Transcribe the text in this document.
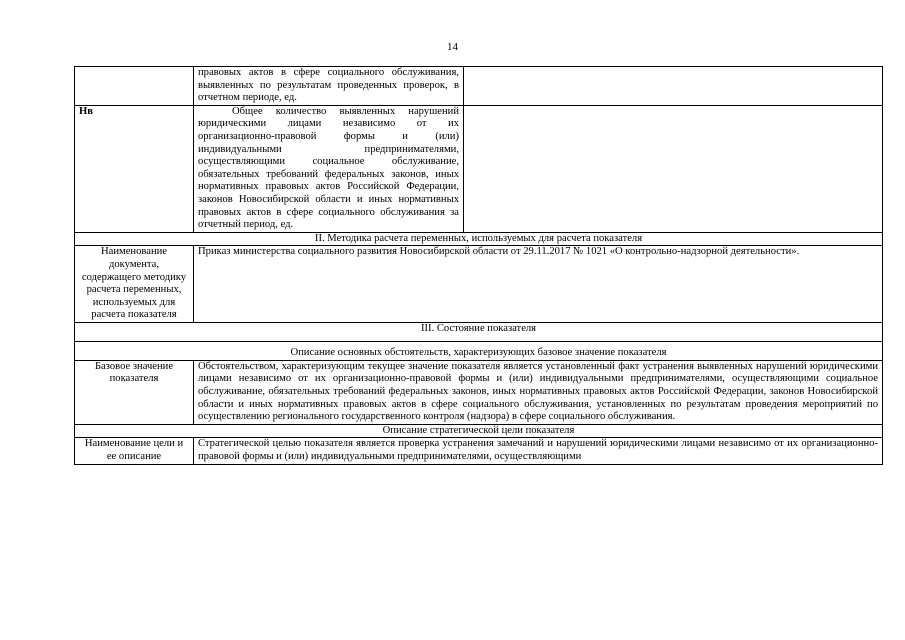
14
	правовых актов в сфере социального обслуживания, выявленных по результатам проведенных проверок, в отчетном периоде, ед.	
Нв	Общее количество выявленных нарушений юридическими лицами независимо от их организационно-правовой формы и (или) индивидуальными предпринимателями, осуществляющими социальное обслуживание, обязательных требований федеральных законов, иных нормативных правовых актов Российской Федерации, законов Новосибирской области и иных нормативных правовых актов в сфере социального обслуживания за отчетный период, ед.	
II. Методика расчета переменных, используемых для расчета показателя		
Наименование документа, содержащего методику расчета переменных, используемых для расчета показателя	Приказ министерства социального развития Новосибирской области от 29.11.2017 № 1021 «О контрольно-надзорной деятельности».	
III. Состояние показателя		
Описание основных обстоятельств, характеризующих базовое значение показателя		
Базовое значение показателя	Обстоятельством, характеризующим текущее значение показателя является установленный факт устранения выявленных нарушений юридическими лицами независимо от их организационно-правовой формы и (или) индивидуальными предпринимателями, осуществляющими социальное обслуживание, обязательных требований федеральных законов, иных нормативных правовых актов Российской Федерации, законов Новосибирской области и иных нормативных правовых актов в сфере социального обслуживания, установленных по результатам проведения мероприятий по осуществлению регионального государственного контроля (надзора) в сфере социального обслуживания.	
Описание стратегической цели показателя		
Наименование цели и ее описание	Стратегической целью показателя является проверка устранения замечаний и нарушений юридическими лицами независимо от их организационно-правовой формы и (или) индивидуальными предпринимателями, осуществляющими	
